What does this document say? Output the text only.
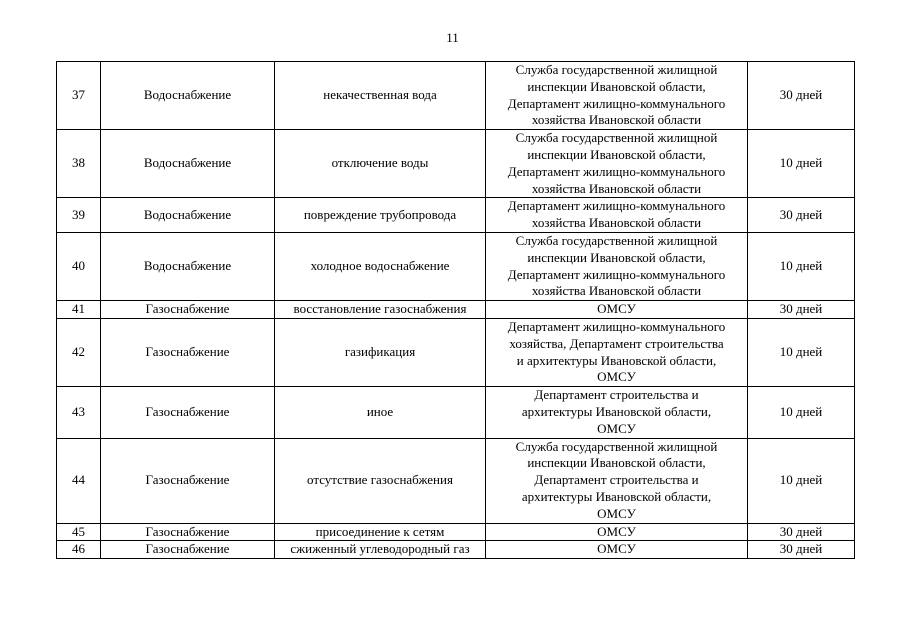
11
37	Водоснабжение	некачественная вода	Служба государственной жилищной
инспекции Ивановской области,
Департамент жилищно-коммунального
хозяйства Ивановской области	30 дней
38	Водоснабжение	отключение воды	Служба государственной жилищной
инспекции Ивановской области,
Департамент жилищно-коммунального
хозяйства Ивановской области	10 дней
39	Водоснабжение	повреждение трубопровода	Департамент жилищно-коммунального
хозяйства Ивановской области	30 дней
40	Водоснабжение	холодное водоснабжение	Служба государственной жилищной
инспекции Ивановской области,
Департамент жилищно-коммунального
хозяйства Ивановской области	10 дней
41	Газоснабжение	восстановление газоснабжения	ОМСУ	30 дней
42	Газоснабжение	газификация	Департамент жилищно-коммунального
хозяйства, Департамент строительства
и архитектуры Ивановской области,
ОМСУ	10 дней
43	Газоснабжение	иное	Департамент строительства и
архитектуры Ивановской области,
ОМСУ	10 дней
44	Газоснабжение	отсутствие газоснабжения	Служба государственной жилищной
инспекции Ивановской области,
Департамент строительства и
архитектуры Ивановской области,
ОМСУ	10 дней
45	Газоснабжение	присоединение к сетям	ОМСУ	30 дней
46	Газоснабжение	сжиженный углеводородный газ	ОМСУ	30 дней
